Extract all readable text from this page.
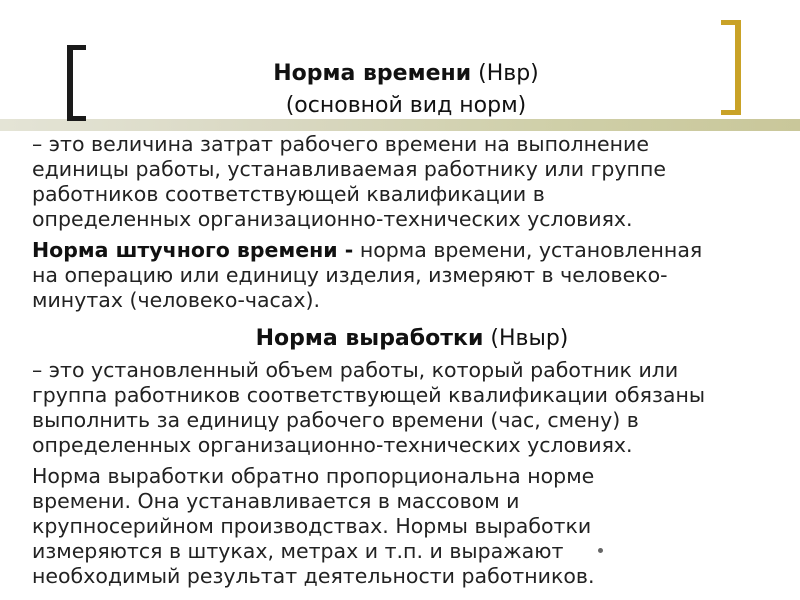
Норма времени (Нвр)
(основной вид норм)
– это величина затрат рабочего времени на выполнение
единицы работы, устанавливаемая работнику или группе
работников соответствующей квалификации в
определенных организационно-технических условиях.
Норма штучного времени - норма времени, установленная
на операцию или единицу изделия, измеряют в человеко-
минутах (человеко-часах).
Норма выработки (Нвыр)
– это установленный объем работы, который работник или
группа работников соответствующей квалификации обязаны
выполнить за единицу рабочего времени (час, смену) в
определенных организационно-технических условиях.
Норма выработки обратно пропорциональна норме
времени. Она устанавливается в массовом и
крупносерийном производствах. Нормы выработки
измеряются в штуках, метрах и т.п. и выражают
необходимый результат деятельности работников.
